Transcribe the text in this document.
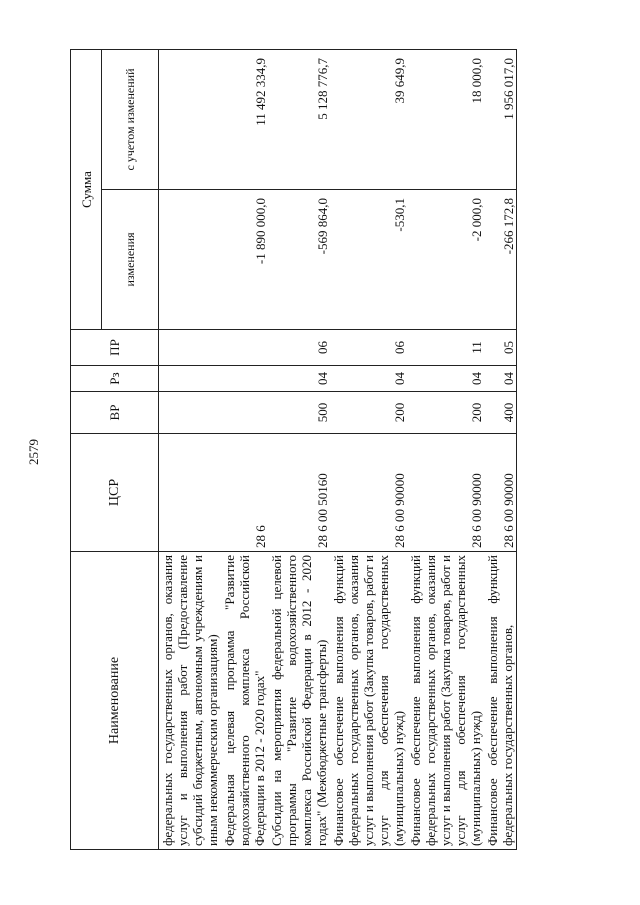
2579
Наименование	ЦСР	ВР	Рз	ПР	Сумма	
					изменения	с учетом изменений
федеральных государственных органов, оказания услуг и выполнения работ (Предоставление субсидий бюджетным, автономным учреждениям и иным некоммерческим организациям)						
Федеральная целевая программа "Развитие водохозяйственного комплекса Российской Федерации в 2012 - 2020 годах"	28 6				-1 890 000,0	11 492 334,9
Субсидии на мероприятия федеральной целевой программы "Развитие водохозяйственного комплекса Российской Федерации в 2012 - 2020 годах" (Межбюджетные трансферты)	28 6 00 50160	500	04	06	-569 864,0	5 128 776,7
Финансовое обеспечение выполнения функций федеральных государственных органов, оказания услуг и выполнения работ (Закупка товаров, работ и услуг для обеспечения государственных (муниципальных) нужд)	28 6 00 90000	200	04	06	-530,1	39 649,9
Финансовое обеспечение выполнения функций федеральных государственных органов, оказания услуг и выполнения работ (Закупка товаров, работ и услуг для обеспечения государственных (муниципальных) нужд)	28 6 00 90000	200	04	11	-2 000,0	18 000,0
Финансовое обеспечение выполнения функций федеральных государственных органов,	28 6 00 90000	400	04	05	-266 172,8	1 956 017,0
